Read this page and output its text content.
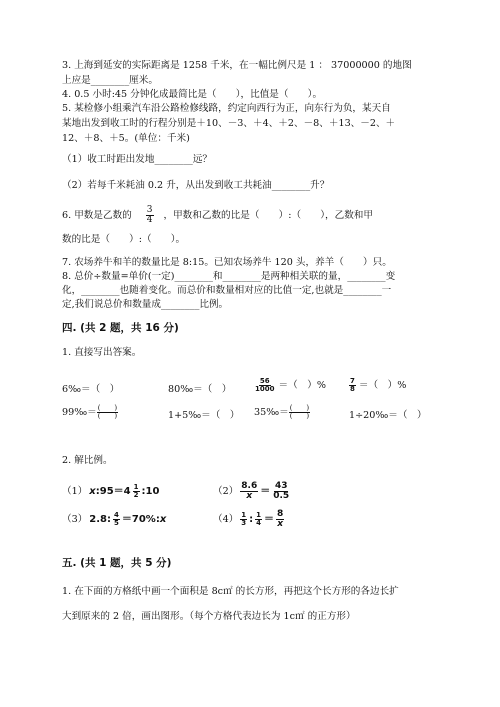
3. 上海到延安的实际距离是 1258 千米，在一幅比例尺是 1 ： 37000000 的地图
上应是________厘米。
4. 0.5 小时:45 分钟化成最简比是（　　），比值是（　　）。
5. 某检修小组乘汽车沿公路检修线路，约定向西行为正，向东行为负，某天自
某地出发到收工时的行程分别是＋10、－3、＋4、＋2、－8、＋13、－2、＋
12、＋8、＋5。(单位：千米)
（1）收工时距出发地________远？
（2）若每千米耗油 0.2 升，从出发到收工共耗油________升？
6. 甲数是乙数的 $\frac{3}{4}$ ，甲数和乙数的比是（　　）:（　　），乙数和甲
数的比是（　　）:（　　）。
7. 农场养牛和羊的数量比是 8:15。已知农场养牛 120 头，养羊（　　）只。
8. 总价÷数量=单价(一定)________和________是两种相关联的量，________变
化，________也随着变化。而总价和数量相对应的比值一定,也就是________一
定,我们说总价和数量成________比例。
四. (共 2 题，共 16 分)
1. 直接写出答案。
6‰＝（　）	80‰＝（　）	$\frac{56}{1000}$ ＝（　）%	$\frac{7}{8}$ ＝（　）%
99‰＝ $\frac{( )}{( )}$	1+5‰＝（　） 35‰＝ $\frac{( )}{( )}$	1÷20‰＝（　）
2. 解比例。
（1） x:95＝4 $\frac{1}{2}$ :10	$(2) \frac{8.6}{x} = \frac{43}{0.5}$
（3） 2.8: $\frac{4}{5}$ ＝70%:x	$(4) \frac{1}{3}$ : $\frac{1}{4} = \frac{8}{x}$
五. (共 1 题，共 5 分)
1. 在下面的方格纸中画一个面积是 8c㎡ 的长方形，再把这个长方形的各边长扩
大到原来的 2 倍，画出图形。（每个方格代表边长为 1c㎡ 的正方形）
